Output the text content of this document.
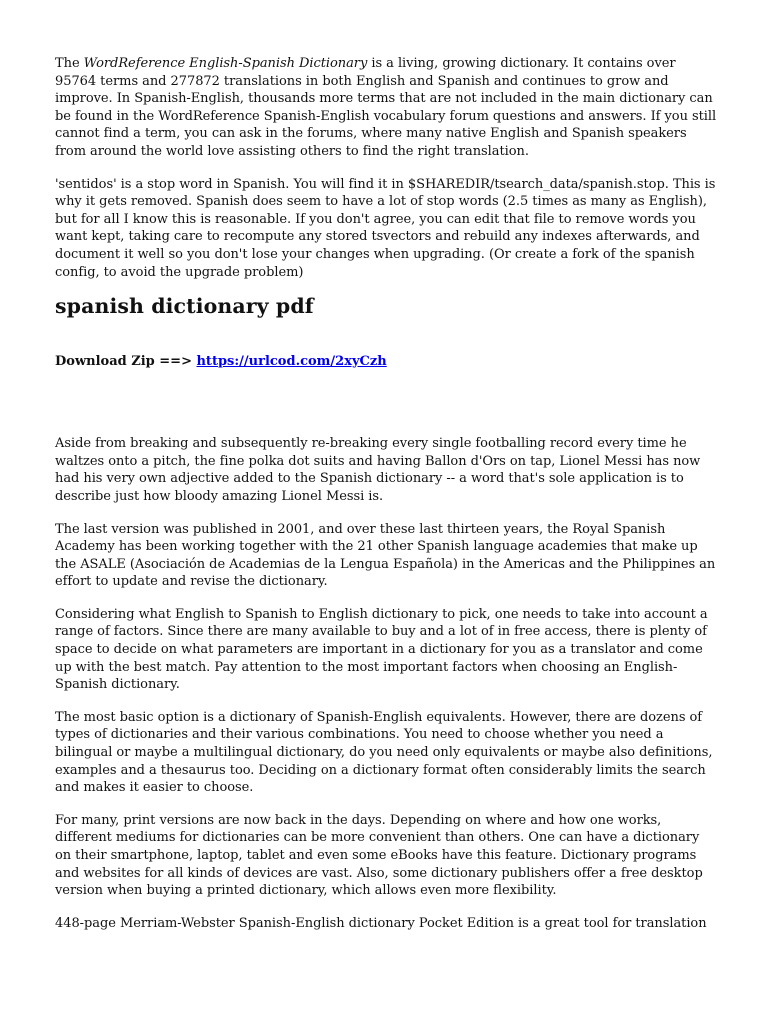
The WordReference English-Spanish Dictionary is a living, growing dictionary. It contains over 95764 terms and 277872 translations in both English and Spanish and continues to grow and improve. In Spanish-English, thousands more terms that are not included in the main dictionary can be found in the WordReference Spanish-English vocabulary forum questions and answers. If you still cannot find a term, you can ask in the forums, where many native English and Spanish speakers from around the world love assisting others to find the right translation.

'sentidos' is a stop word in Spanish. You will find it in $SHAREDIR/tsearch_data/spanish.stop. This is why it gets removed. Spanish does seem to have a lot of stop words (2.5 times as many as English), but for all I know this is reasonable. If you don't agree, you can edit that file to remove words you want kept, taking care to recompute any stored tsvectors and rebuild any indexes afterwards, and document it well so you don't lose your changes when upgrading. (Or create a fork of the spanish config, to avoid the upgrade problem)

spanish dictionary pdf
Download Zip ==> https://urlcod.com/2xyCzh

Aside from breaking and subsequently re-breaking every single footballing record every time he waltzes onto a pitch, the fine polka dot suits and having Ballon d'Ors on tap, Lionel Messi has now had his very own adjective added to the Spanish dictionary -- a word that's sole application is to describe just how bloody amazing Lionel Messi is.

The last version was published in 2001, and over these last thirteen years, the Royal Spanish Academy has been working together with the 21 other Spanish language academies that make up the ASALE (Asociación de Academias de la Lengua Española) in the Americas and the Philippines an effort to update and revise the dictionary.

Considering what English to Spanish to English dictionary to pick, one needs to take into account a range of factors. Since there are many available to buy and a lot of in free access, there is plenty of space to decide on what parameters are important in a dictionary for you as a translator and come up with the best match. Pay attention to the most important factors when choosing an English-Spanish dictionary.

The most basic option is a dictionary of Spanish-English equivalents. However, there are dozens of types of dictionaries and their various combinations. You need to choose whether you need a bilingual or maybe a multilingual dictionary, do you need only equivalents or maybe also definitions, examples and a thesaurus too. Deciding on a dictionary format often considerably limits the search and makes it easier to choose.

For many, print versions are now back in the days. Depending on where and how one works, different mediums for dictionaries can be more convenient than others. One can have a dictionary on their smartphone, laptop, tablet and even some eBooks have this feature. Dictionary programs and websites for all kinds of devices are vast. Also, some dictionary publishers offer a free desktop version when buying a printed dictionary, which allows even more flexibility.

448-page Merriam-Webster Spanish-English dictionary Pocket Edition is a great tool for translation
